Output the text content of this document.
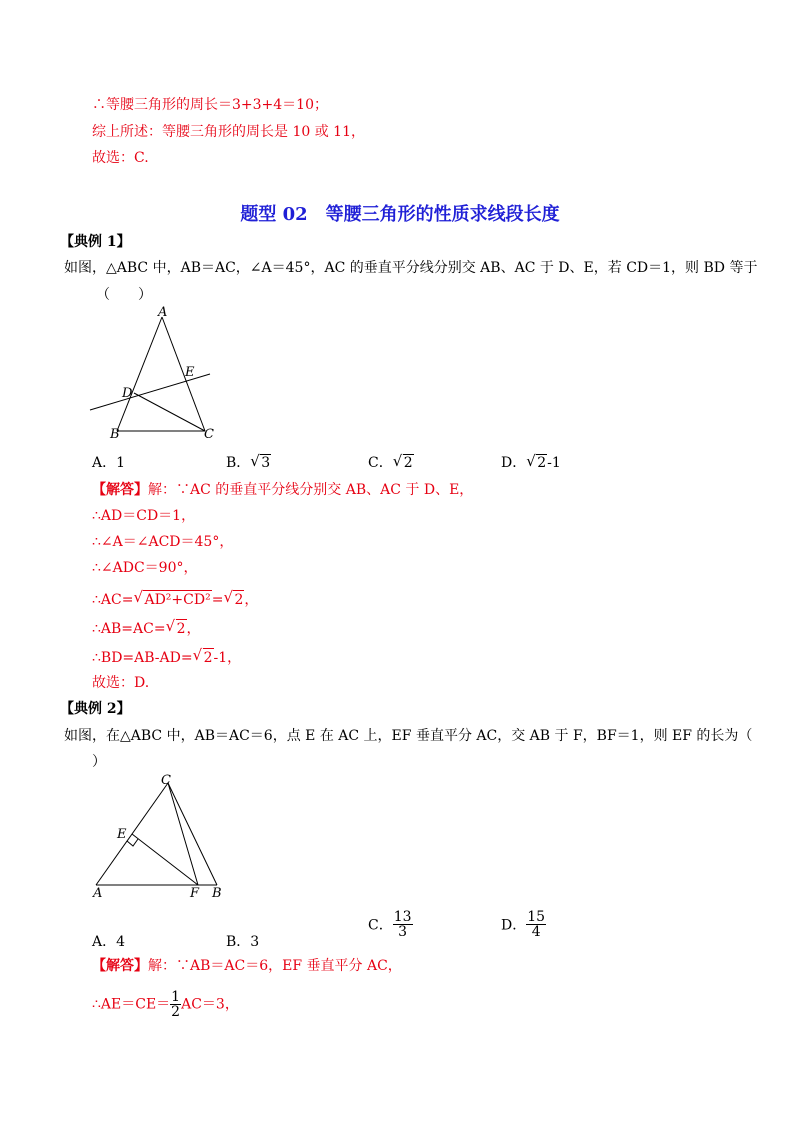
∴等腰三角形的周长＝3+3+4＝10；
综上所述：等腰三角形的周长是 10 或 11，
故选：C.
题型 02　等腰三角形的性质求线段长度
【典例 1】
如图，△ABC 中，AB＝AC，∠A＝45°，AC 的垂直平分线分别交 AB、AC 于 D、E，若 CD＝1，则 BD 等于
（　　）
A
E
D
B	C
A．1	B． √ 3	C． √ 2	D． √ 2-1
【解答】解：∵AC 的垂直平分线分别交 AB、AC 于 D、E，
∴AD＝CD＝1，
∴∠A＝∠ACD＝45°，
∴∠ADC＝90°，
∴AC= √ AD²+CD²= √ 2，
∴AB=AC= √ 2，
∴BD=AB-AD= √ 2-1，
故选：D.
【典例 2】
如图，在△ABC 中，AB＝AC＝6，点 E 在 AC 上，EF 垂直平分 AC，交 AB 于 F，BF＝1，则 EF 的长为（
）
C
E
A	F B
A．4	B．3
C． $\frac{13}{3}$	D． $\frac{15}{4}$
【解答】解：∵AB＝AC＝6，EF 垂直平分 AC，
∴AE＝CE＝ $\frac{1}{2} AC=3$，
